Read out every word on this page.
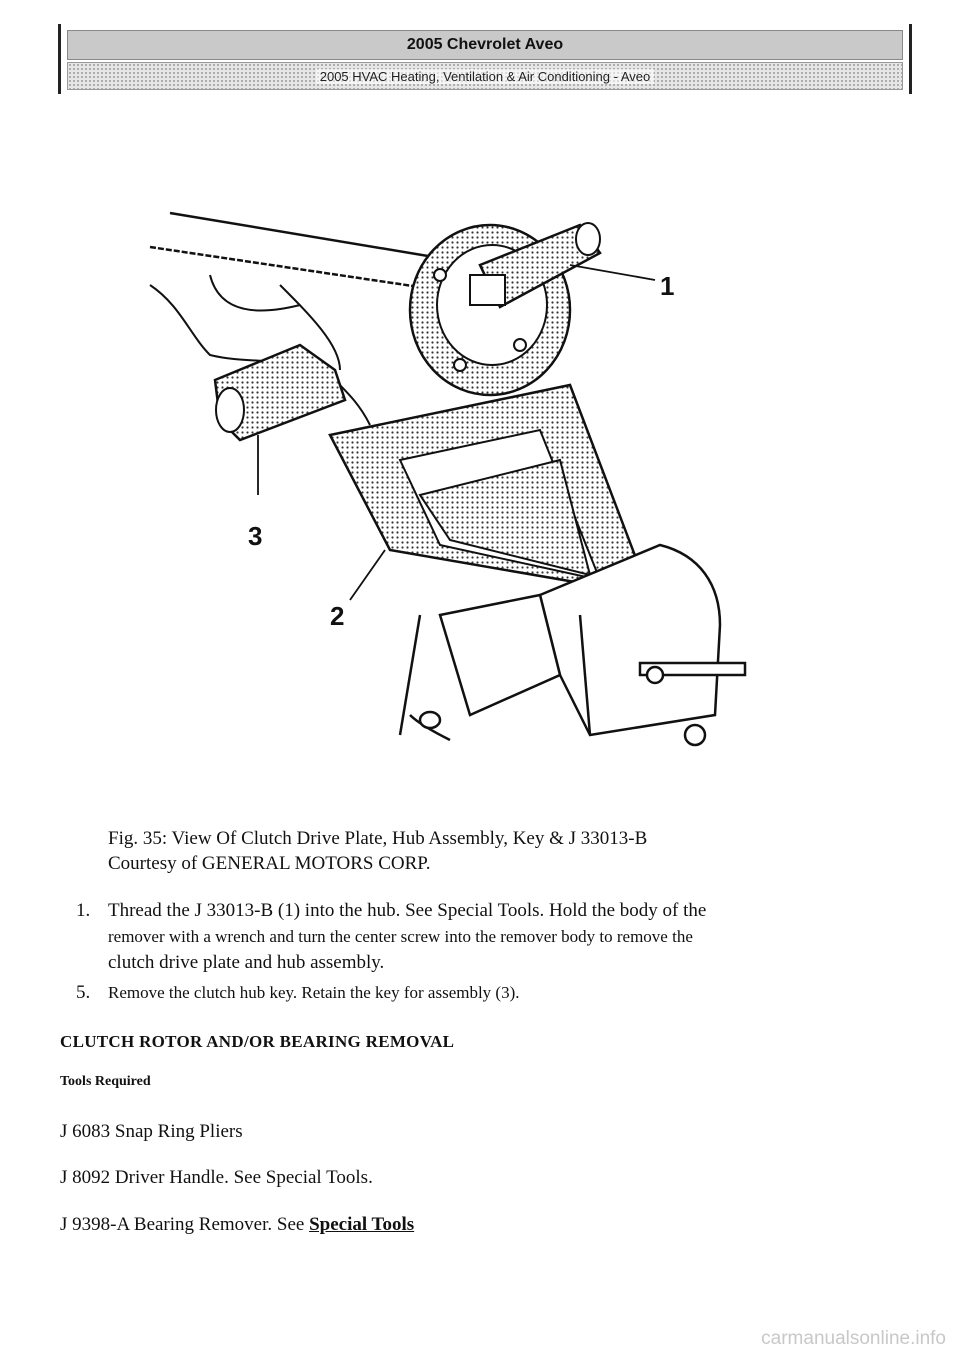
2005 Chevrolet Aveo
2005 HVAC Heating, Ventilation & Air Conditioning - Aveo
1
3
2
Fig. 35: View Of Clutch Drive Plate, Hub Assembly, Key & J 33013-B
Courtesy of GENERAL MOTORS CORP.
1. Thread the J 33013-B (1) into the hub. See Special Tools. Hold the body of the
remover with a wrench and turn the center screw into the remover body to remove the
clutch drive plate and hub assembly.
5. Remove the clutch hub key. Retain the key for assembly (3).
CLUTCH ROTOR AND/OR BEARING REMOVAL
Tools Required
J 6083 Snap Ring Pliers
J 8092 Driver Handle. See Special Tools.
J 9398-A Bearing Remover. See Special Tools
carmanualsonline.info
